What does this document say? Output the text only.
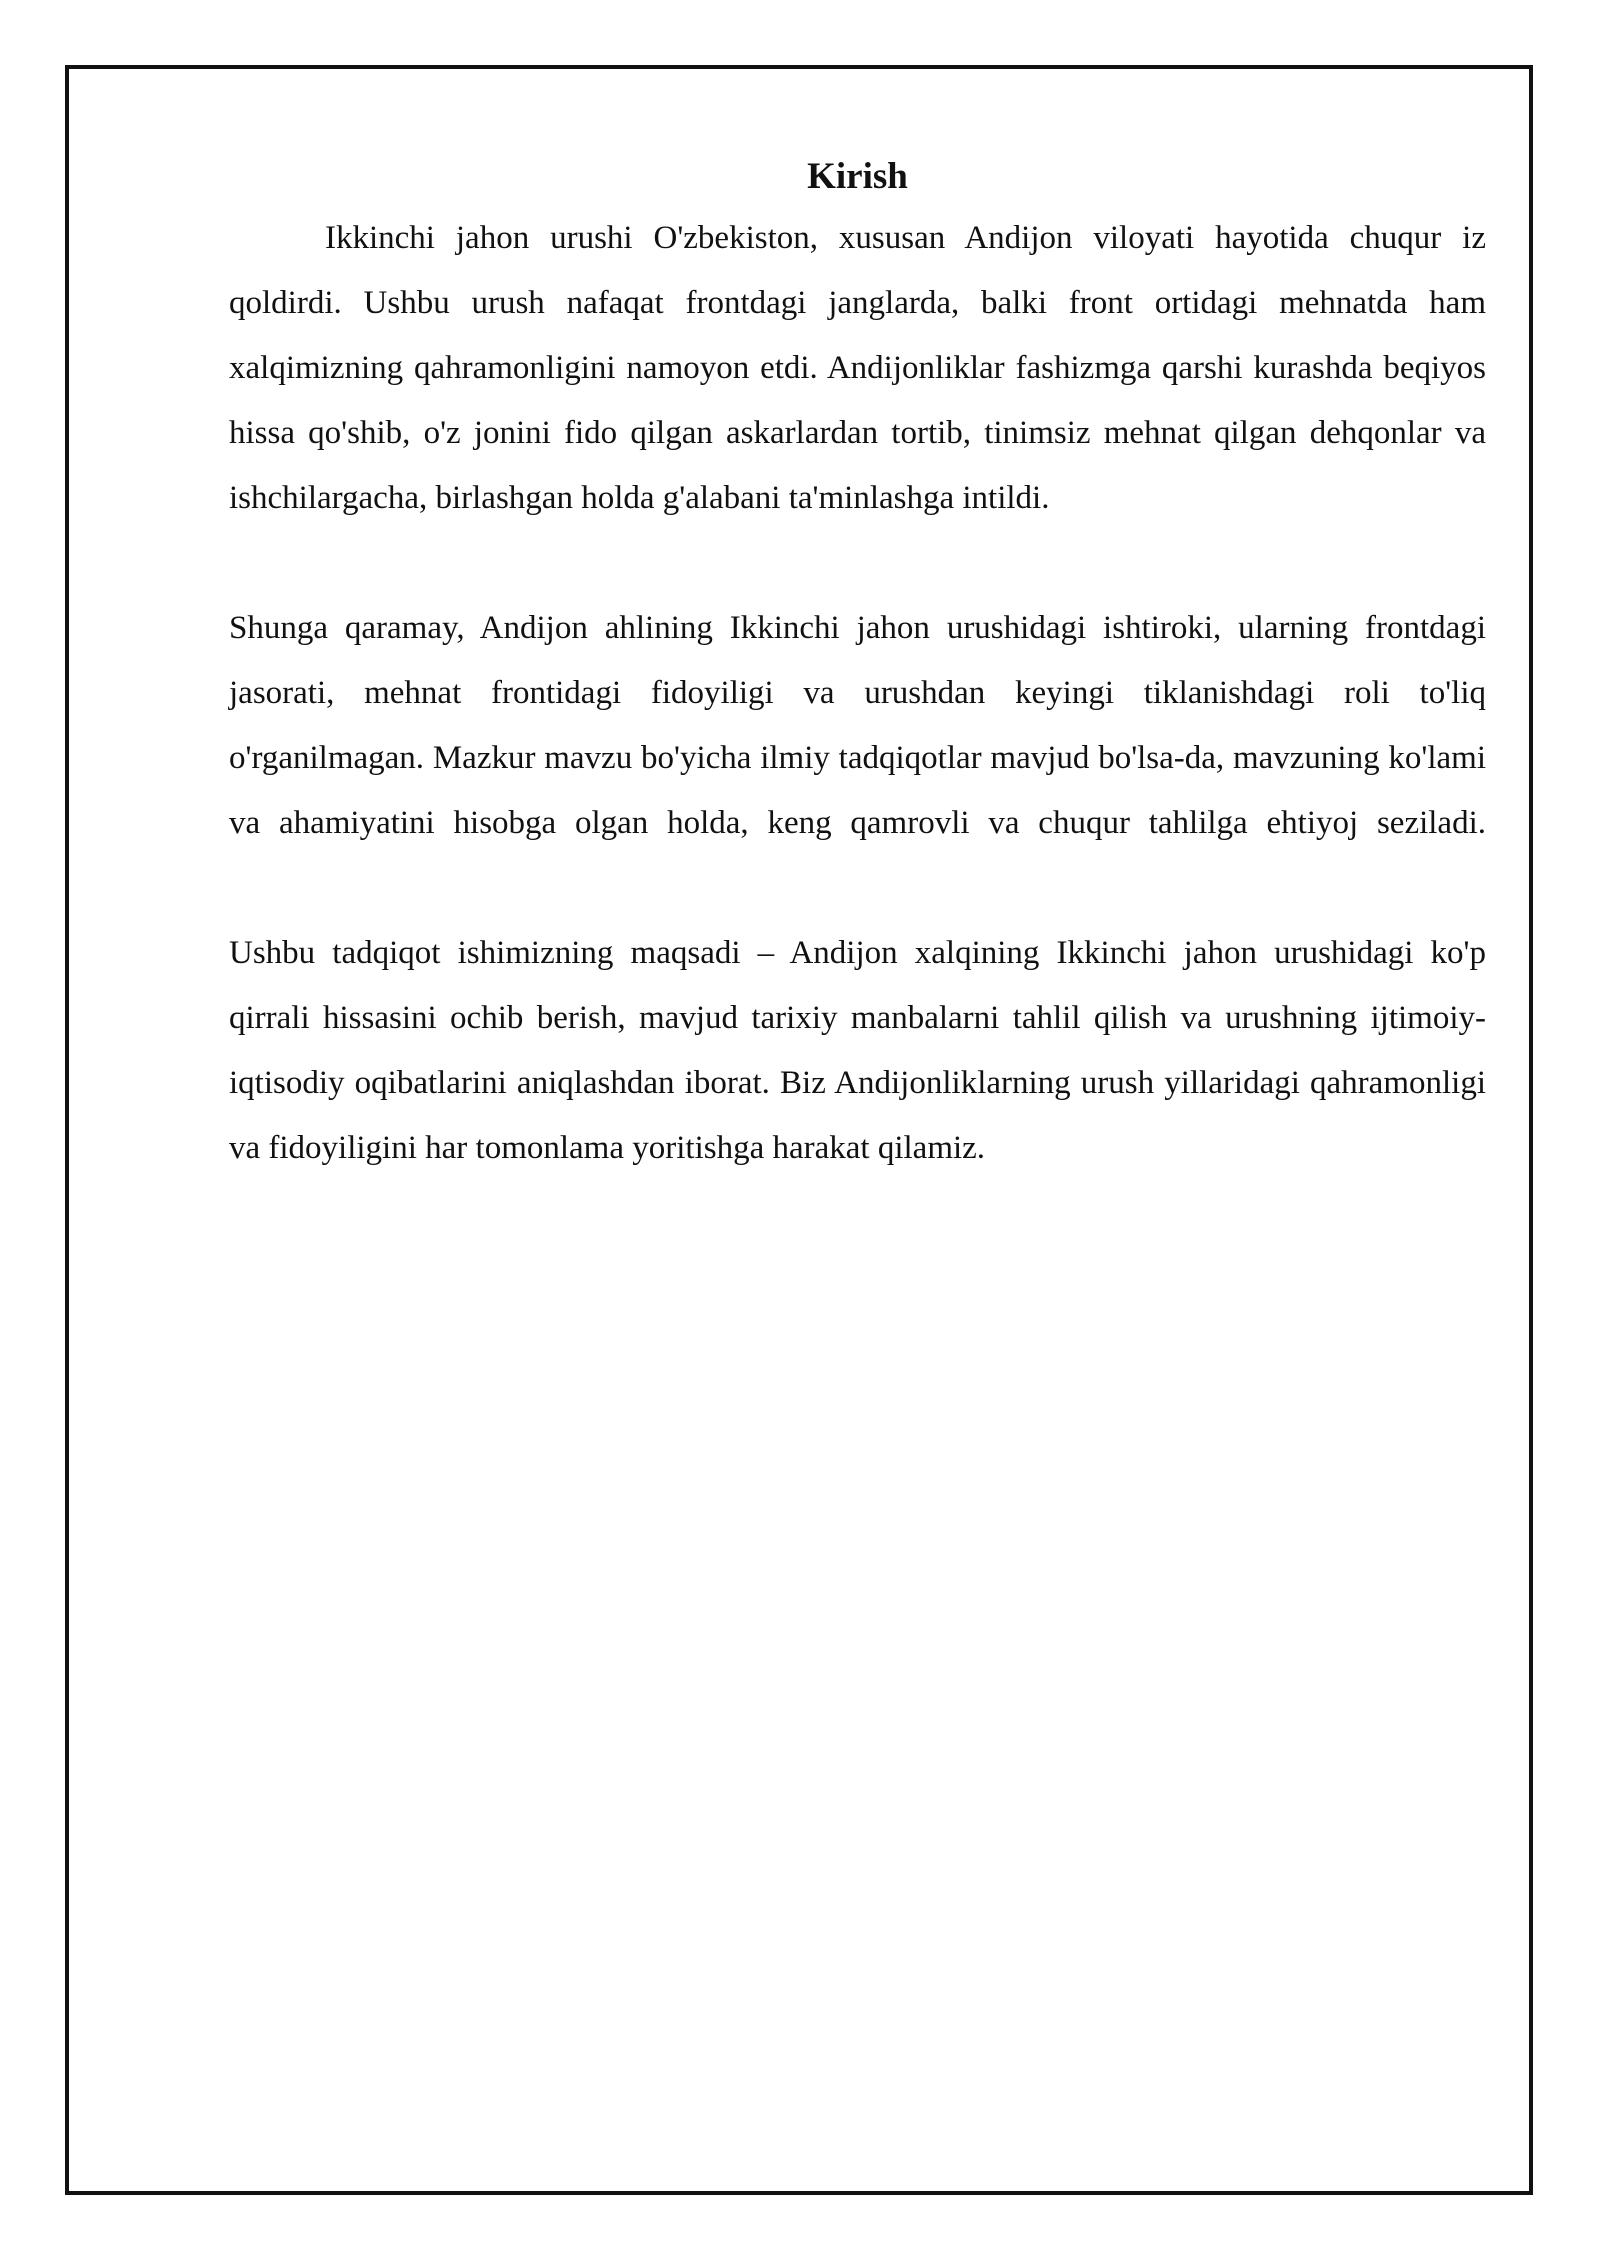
Kirish

Ikkinchi jahon urushi O'zbekiston, xususan Andijon viloyati hayotida chuqur iz qoldirdi. Ushbu urush nafaqat frontdagi janglarda, balki front ortidagi mehnatda ham xalqimizning qahramonligini namoyon etdi. Andijonliklar fashizmga qarshi kurashda beqiyos hissa qo'shib, o'z jonini fido qilgan askarlardan tortib, tinimsiz mehnat qilgan dehqonlar va ishchilargacha, birlashgan holda g'alabani ta'minlashga intildi.

Shunga qaramay, Andijon ahlining Ikkinchi jahon urushidagi ishtiroki, ularning frontdagi jasorati, mehnat frontidagi fidoyiligi va urushdan keyingi tiklanishdagi roli to'liq o'rganilmagan. Mazkur mavzu bo'yicha ilmiy tadqiqotlar mavjud bo'lsa-da, mavzuning ko'lami va ahamiyatini hisobga olgan holda, keng qamrovli va chuqur tahlilga ehtiyoj seziladi.

Ushbu tadqiqot ishimizning maqsadi – Andijon xalqining Ikkinchi jahon urushidagi ko'p qirrali hissasini ochib berish, mavjud tarixiy manbalarni tahlil qilish va urushning ijtimoiy-iqtisodiy oqibatlarini aniqlashdan iborat. Biz Andijonliklarning urush yillaridagi qahramonligi va fidoyiligini har tomonlama yoritishga harakat qilamiz.
